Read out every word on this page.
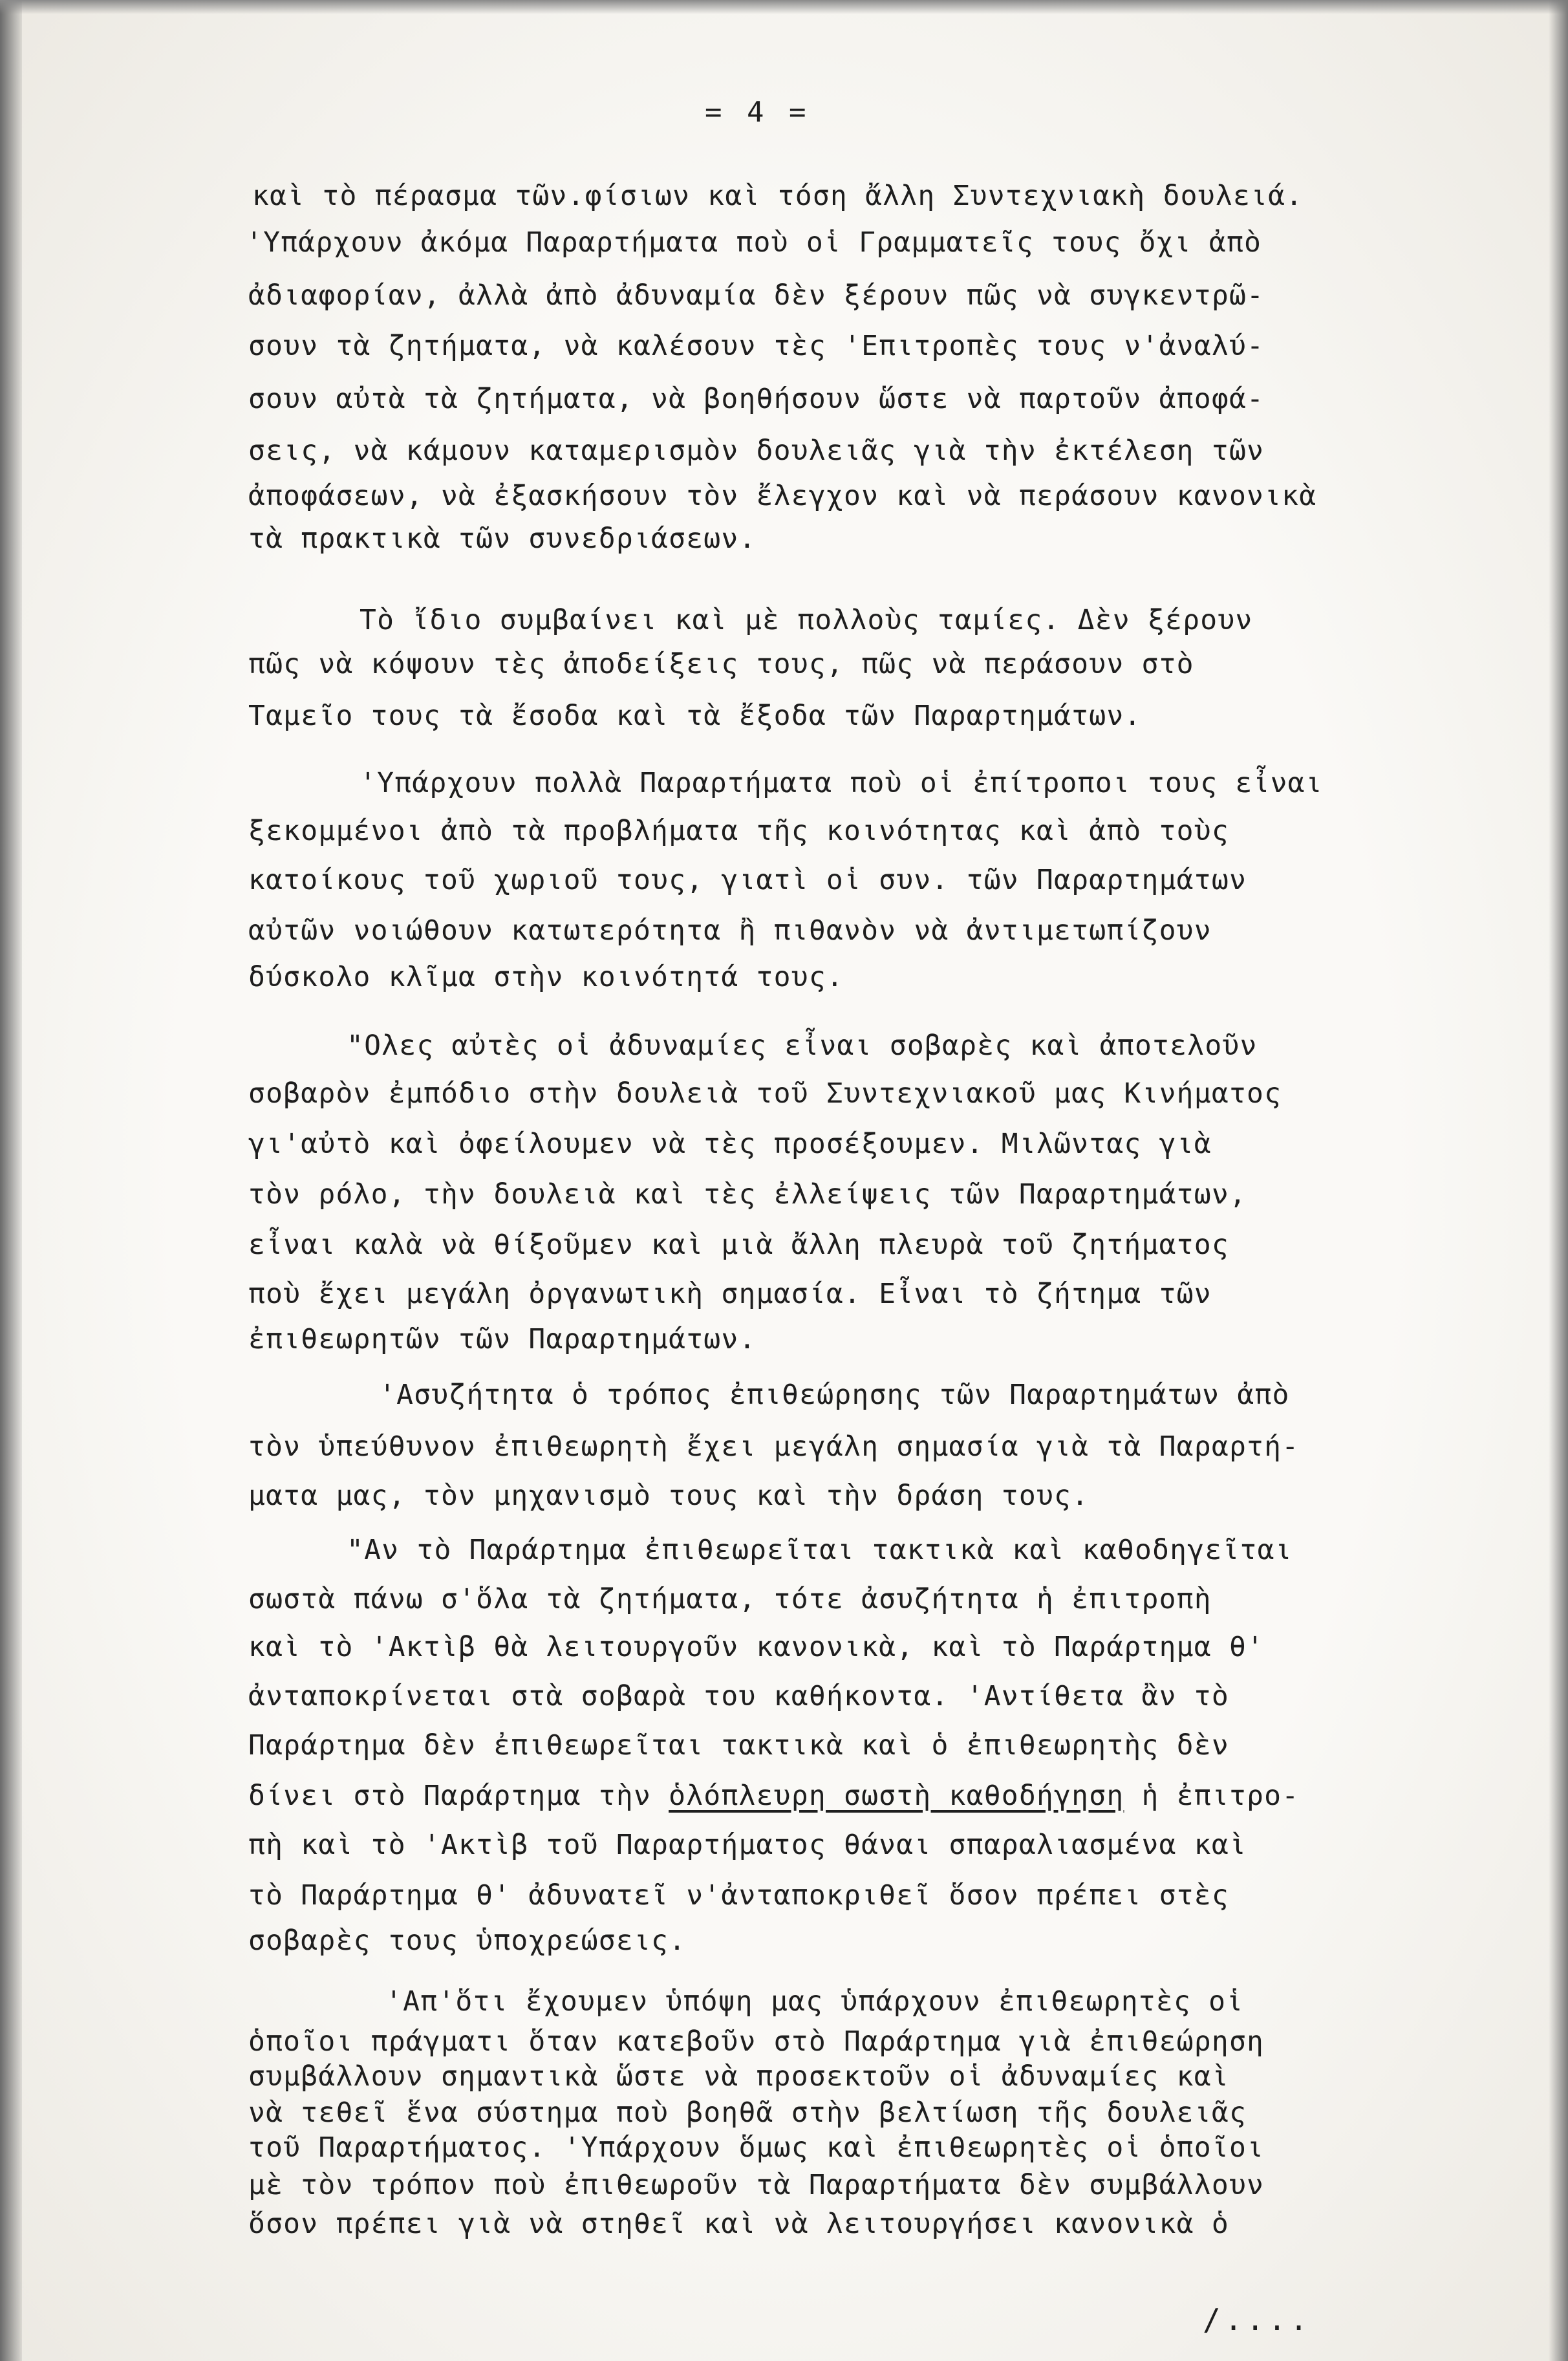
= 4 =
καὶ τὸ πέρασμα τῶν.φίσιων καὶ τόση ἄλλη Συντεχνιακὴ δουλειά.
'Υπάρχουν ἀκόμα Παραρτήματα ποὺ οἱ Γραμματεῖς τους ὄχι ἀπὸ
ἀδιαφορίαν, ἀλλὰ ἀπὸ ἀδυναμία δὲν ξέρουν πῶς νὰ συγκεντρῶ-
σουν τὰ ζητήματα, νὰ καλέσουν τὲς 'Επιτροπὲς τους ν'ἀναλύ-
σουν αὐτὰ τὰ ζητήματα, νὰ βοηθήσουν ὥστε νὰ παρτοῦν ἀποφά-
σεις, νὰ κάμουν καταμερισμὸν δουλειᾶς γιὰ τὴν ἐκτέλεση τῶν
ἀποφάσεων, νὰ ἐξασκήσουν τὸν ἔλεγχον καὶ νὰ περάσουν κανονικὰ
τὰ πρακτικὰ τῶν συνεδριάσεων.
Τὸ ἴδιο συμβαίνει καὶ μὲ πολλοὺς ταμίες. Δὲν ξέρουν
πῶς νὰ κόψουν τὲς ἀποδείξεις τους, πῶς νὰ περάσουν στὸ
Ταμεῖο τους τὰ ἔσοδα καὶ τὰ ἔξοδα τῶν Παραρτημάτων.
'Υπάρχουν πολλὰ Παραρτήματα ποὺ οἱ ἐπίτροποι τους εἶναι
ξεκομμένοι ἀπὸ τὰ προβλήματα τῆς κοινότητας καὶ ἀπὸ τοὺς
κατοίκους τοῦ χωριοῦ τους, γιατὶ οἱ συν. τῶν Παραρτημάτων
αὐτῶν νοιώθουν κατωτερότητα ἢ πιθανὸν νὰ ἀντιμετωπίζουν
δύσκολο κλῖμα στὴν κοινότητά τους.
"Ολες αὐτὲς οἱ ἀδυναμίες εἶναι σοβαρὲς καὶ ἀποτελοῦν
σοβαρὸν ἐμπόδιο στὴν δουλειὰ τοῦ Συντεχνιακοῦ μας Κινήματος
γι'αὐτὸ καὶ ὀφείλουμεν νὰ τὲς προσέξουμεν. Μιλῶντας γιὰ
τὸν ρόλο, τὴν δουλειὰ καὶ τὲς ἐλλείψεις τῶν Παραρτημάτων,
εἶναι καλὰ νὰ θίξοῦμεν καὶ μιὰ ἄλλη πλευρὰ τοῦ ζητήματος
ποὺ ἔχει μεγάλη ὀργανωτικὴ σημασία. Εἶναι τὸ ζήτημα τῶν
ἐπιθεωρητῶν τῶν Παραρτημάτων.
'Ασυζήτητα ὁ τρόπος ἐπιθεώρησης τῶν Παραρτημάτων ἀπὸ
τὸν ὑπεύθυνον ἐπιθεωρητὴ ἔχει μεγάλη σημασία γιὰ τὰ Παραρτή-
ματα μας, τὸν μηχανισμὸ τους καὶ τὴν δράση τους.
"Αν τὸ Παράρτημα ἐπιθεωρεῖται τακτικὰ καὶ καθοδηγεῖται
σωστὰ πάνω σ'ὅλα τὰ ζητήματα, τότε ἀσυζήτητα ἡ ἐπιτροπὴ
καὶ τὸ 'Ακτὶβ θὰ λειτουργοῦν κανονικὰ, καὶ τὸ Παράρτημα θ'
ἀνταποκρίνεται στὰ σοβαρὰ του καθήκοντα. 'Αντίθετα ἂν τὸ
Παράρτημα δὲν ἐπιθεωρεῖται τακτικὰ καὶ ὁ ἐπιθεωρητὴς δὲν
δίνει στὸ Παράρτημα τὴν ὁλόπλευρη σωστὴ καθοδήγηση ἡ ἐπιτρο-
πὴ καὶ τὸ 'Ακτὶβ τοῦ Παραρτήματος θάναι σπαραλιασμένα καὶ
τὸ Παράρτημα θ' ἀδυνατεῖ ν'ἀνταποκριθεῖ ὅσον πρέπει στὲς
σοβαρὲς τους ὑποχρεώσεις.
'Απ'ὅτι ἔχουμεν ὑπόψη μας ὑπάρχουν ἐπιθεωρητὲς οἱ
ὁποῖοι πράγματι ὅταν κατεβοῦν στὸ Παράρτημα γιὰ ἐπιθεώρηση
συμβάλλουν σημαντικὰ ὥστε νὰ προσεκτοῦν οἱ ἀδυναμίες καὶ
νὰ τεθεῖ ἕνα σύστημα ποὺ βοηθᾶ στὴν βελτίωση τῆς δουλειᾶς
τοῦ Παραρτήματος. 'Υπάρχουν ὅμως καὶ ἐπιθεωρητὲς οἱ ὁποῖοι
μὲ τὸν τρόπον ποὺ ἐπιθεωροῦν τὰ Παραρτήματα δὲν συμβάλλουν
ὅσον πρέπει γιὰ νὰ στηθεῖ καὶ νὰ λειτουργήσει κανονικὰ ὁ
/....
